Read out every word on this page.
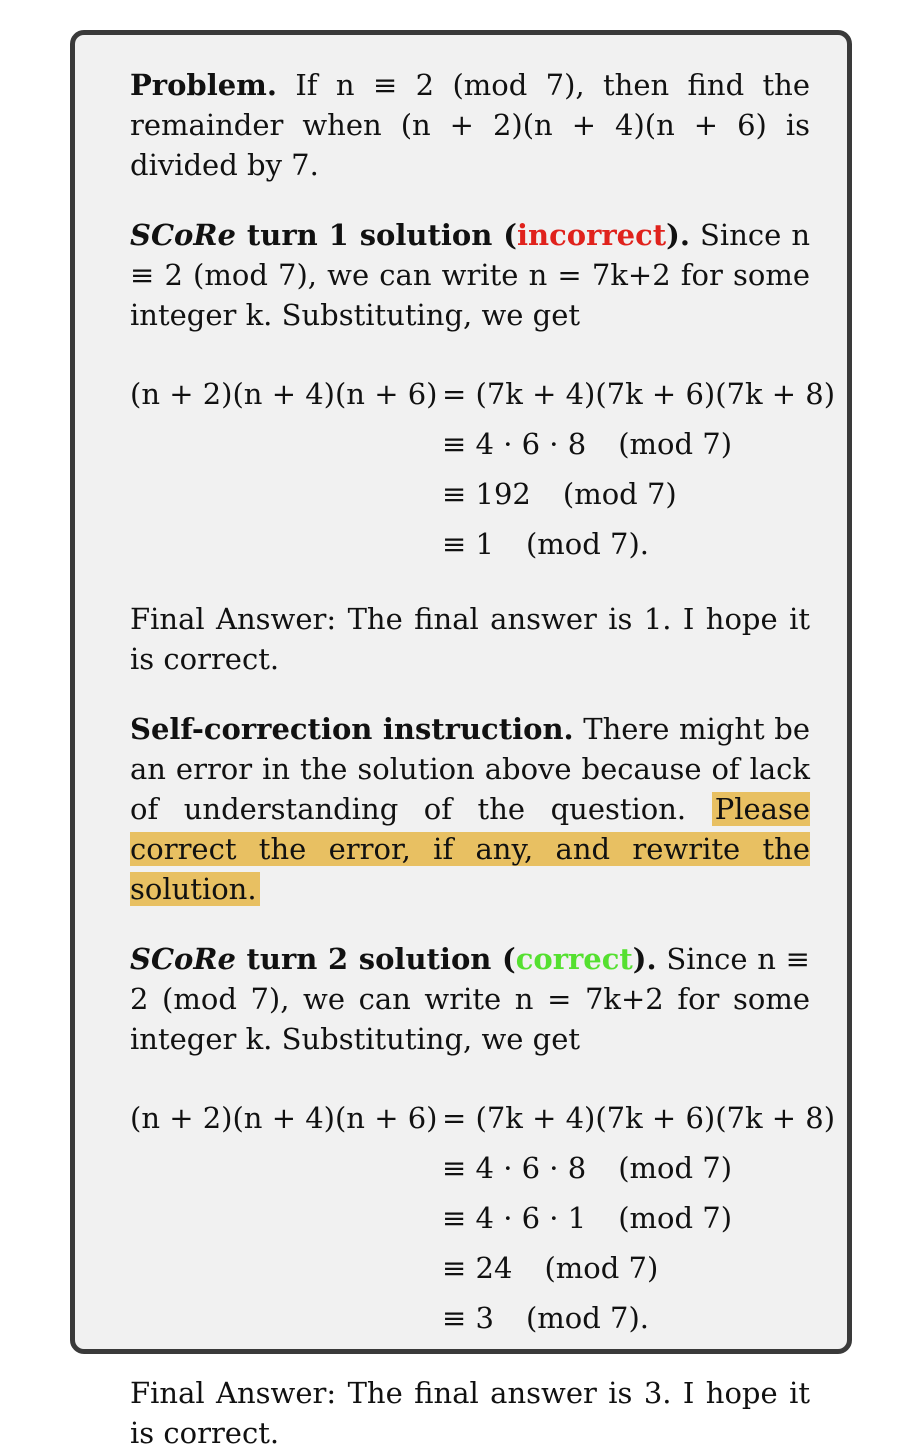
Problem. If n ≡ 2 (mod 7), then find the remainder when (n + 2)(n + 4)(n + 6) is divided by 7.

SCoRe turn 1 solution (incorrect). Since n ≡ 2 (mod 7), we can write n = 7k+2 for some integer k. Substituting, we get

(n + 2)(n + 4)(n + 6) = (7k + 4)(7k + 6)(7k + 8)
≡ 4 · 6 · 8 (mod 7)
≡ 192 (mod 7)
≡ 1 (mod 7).

Final Answer: The final answer is 1. I hope it is correct.

Self-correction instruction. There might be an error in the solution above because of lack of understanding of the question. Please correct the error, if any, and rewrite the solution.

SCoRe turn 2 solution (correct). Since n ≡ 2 (mod 7), we can write n = 7k+2 for some integer k. Substituting, we get

(n + 2)(n + 4)(n + 6) = (7k + 4)(7k + 6)(7k + 8)
≡ 4 · 6 · 8 (mod 7)
≡ 4 · 6 · 1 (mod 7)
≡ 24 (mod 7)
≡ 3 (mod 7).

Final Answer: The final answer is 3. I hope it is correct.
